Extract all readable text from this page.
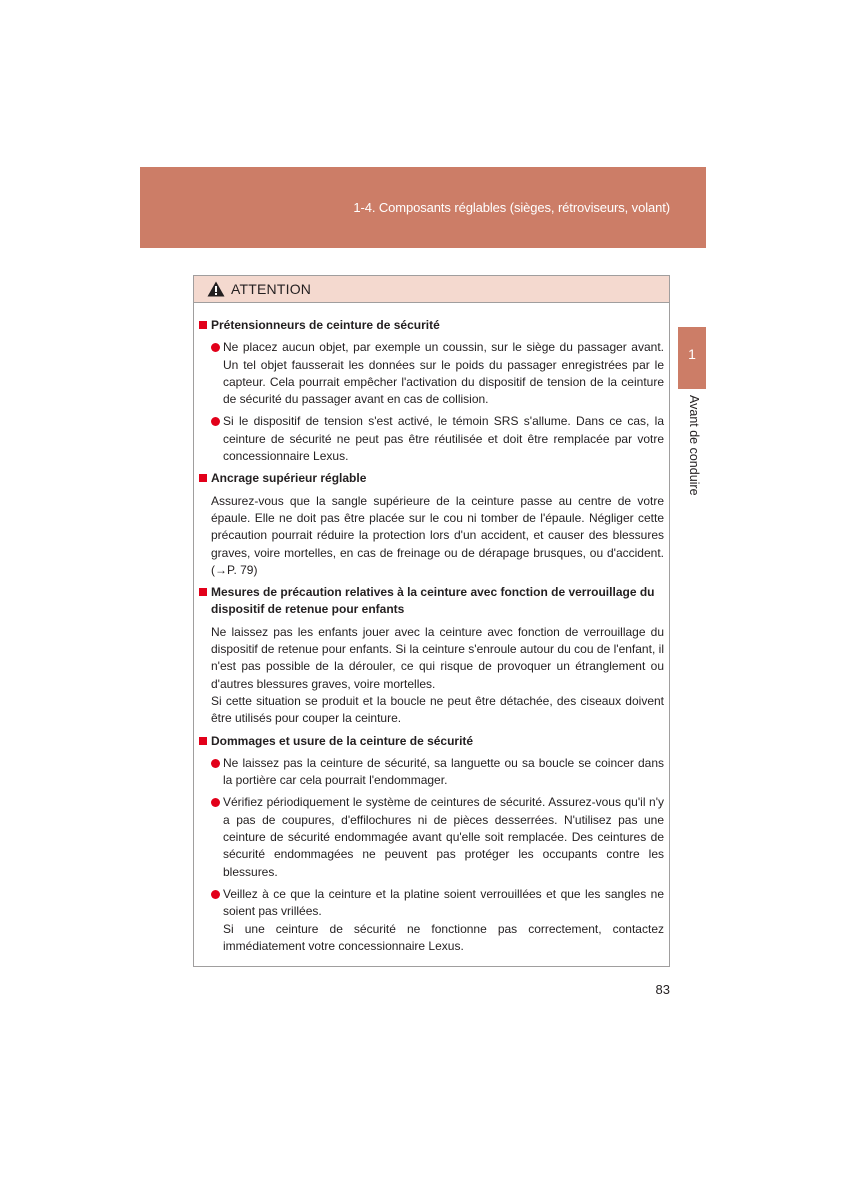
1-4. Composants réglables (sièges, rétroviseurs, volant)
1
Avant de conduire
ATTENTION
Prétensionneurs de ceinture de sécurité
Ne placez aucun objet, par exemple un coussin, sur le siège du passager avant. Un tel objet fausserait les données sur le poids du passager enregistrées par le capteur. Cela pourrait empêcher l'activation du dispositif de tension de la ceinture de sécurité du passager avant en cas de collision.
Si le dispositif de tension s'est activé, le témoin SRS s'allume. Dans ce cas, la ceinture de sécurité ne peut pas être réutilisée et doit être remplacée par votre concessionnaire Lexus.
Ancrage supérieur réglable
Assurez-vous que la sangle supérieure de la ceinture passe au centre de votre épaule. Elle ne doit pas être placée sur le cou ni tomber de l'épaule. Négliger cette précaution pourrait réduire la protection lors d'un accident, et causer des blessures graves, voire mortelles, en cas de freinage ou de dérapage brusques, ou d'accident. (→P. 79)
Mesures de précaution relatives à la ceinture avec fonction de verrouillage du dispositif de retenue pour enfants
Ne laissez pas les enfants jouer avec la ceinture avec fonction de verrouillage du dispositif de retenue pour enfants. Si la ceinture s'enroule autour du cou de l'enfant, il n'est pas possible de la dérouler, ce qui risque de provoquer un étranglement ou d'autres blessures graves, voire mortelles.
Si cette situation se produit et la boucle ne peut être détachée, des ciseaux doivent être utilisés pour couper la ceinture.
Dommages et usure de la ceinture de sécurité
Ne laissez pas la ceinture de sécurité, sa languette ou sa boucle se coincer dans la portière car cela pourrait l'endommager.
Vérifiez périodiquement le système de ceintures de sécurité. Assurez-vous qu'il n'y a pas de coupures, d'effilochures ni de pièces desserrées. N'utilisez pas une ceinture de sécurité endommagée avant qu'elle soit remplacée. Des ceintures de sécurité endommagées ne peuvent pas protéger les occupants contre les blessures.
Veillez à ce que la ceinture et la platine soient verrouillées et que les sangles ne soient pas vrillées.
Si une ceinture de sécurité ne fonctionne pas correctement, contactez immédiatement votre concessionnaire Lexus.
83
